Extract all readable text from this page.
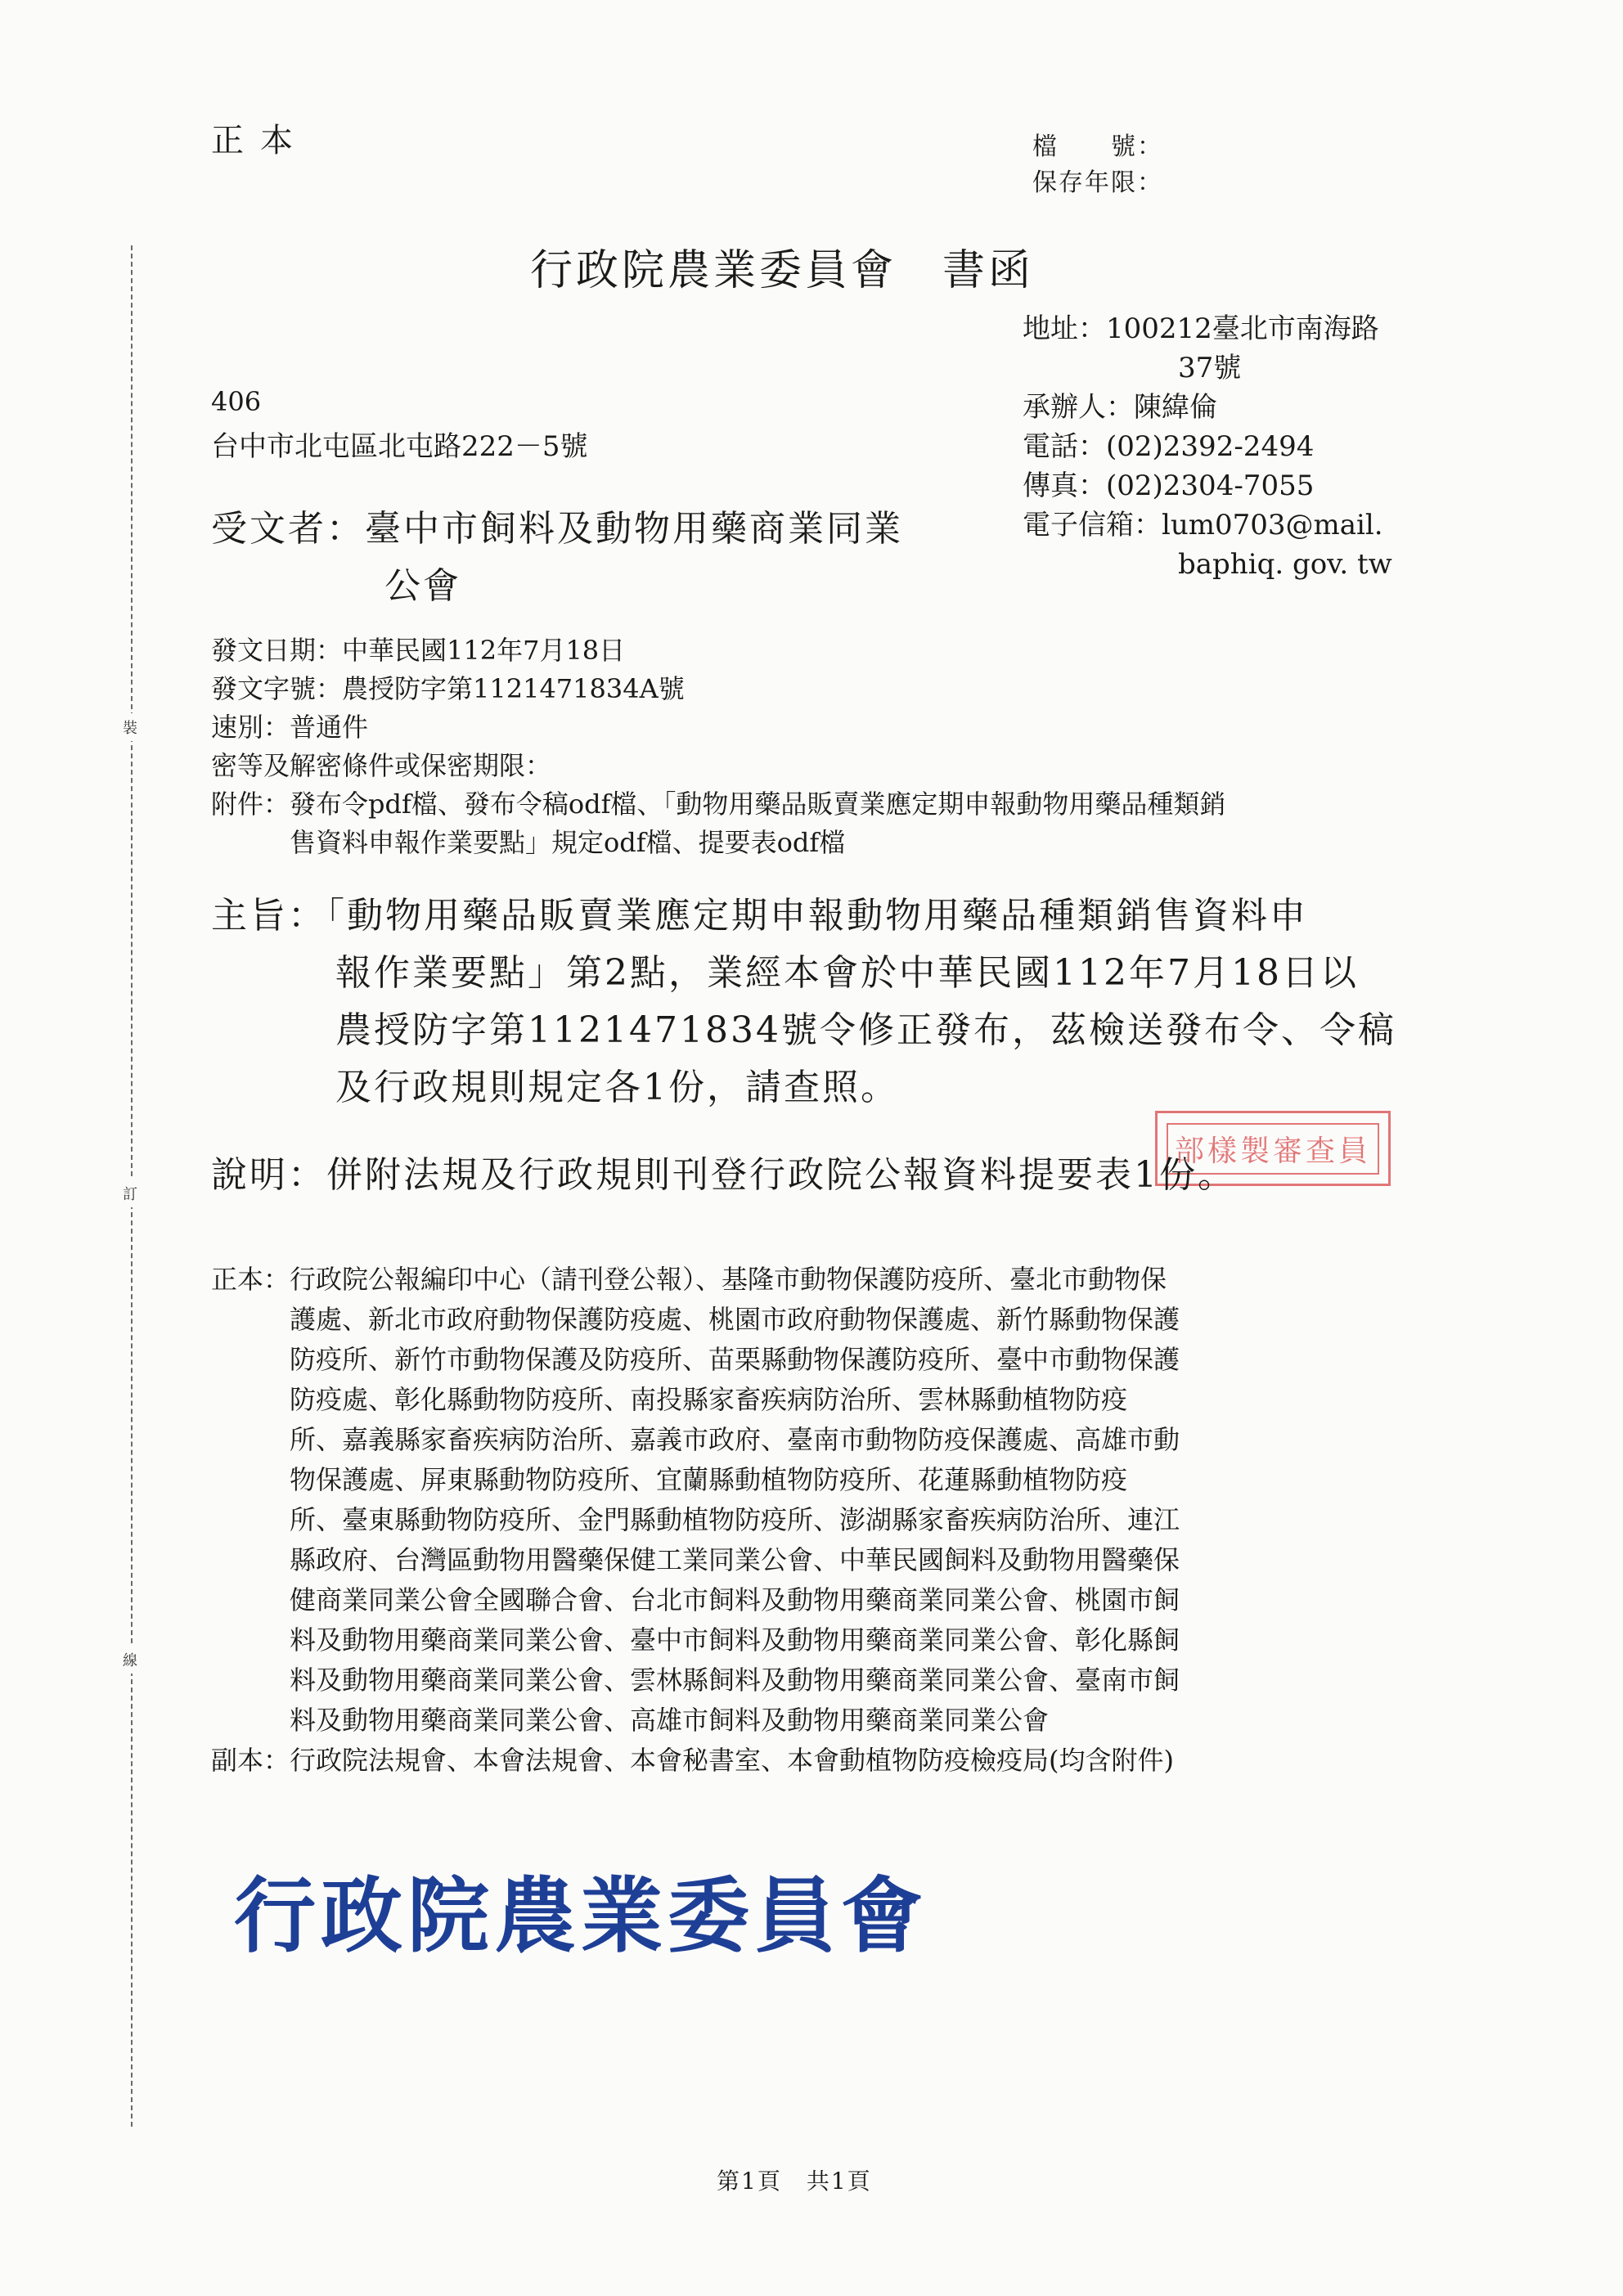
裝
訂
線
正本	檔　　號：
保存年限：
行政院農業委員會　書函
地址：100212臺北市南海路
37號
承辦人：陳緯倫
電話：(02)2392-2494
傳真：(02)2304-7055
電子信箱：lum0703@mail.
baphiq. gov. tw
406
台中市北屯區北屯路222－5號
受文者：臺中市飼料及動物用藥商業同業
公會
發文日期：中華民國112年7月18日
發文字號：農授防字第1121471834A號
速別：普通件
密等及解密條件或保密期限：
附件：發布令pdf檔、發布令稿odf檔、「動物用藥品販賣業應定期申報動物用藥品種類銷
售資料申報作業要點」規定odf檔、提要表odf檔
主旨：「動物用藥品販賣業應定期申報動物用藥品種類銷售資料申
報作業要點」第2點，業經本會於中華民國112年7月18日以
農授防字第1121471834號令修正發布，茲檢送發布令、令稿
及行政規則規定各1份，請查照。
部樣製審查員
說明：併附法規及行政規則刊登行政院公報資料提要表1份。
正本：行政院公報編印中心（請刊登公報）、基隆市動物保護防疫所、臺北市動物保
護處、新北市政府動物保護防疫處、桃園市政府動物保護處、新竹縣動物保護
防疫所、新竹市動物保護及防疫所、苗栗縣動物保護防疫所、臺中市動物保護
防疫處、彰化縣動物防疫所、南投縣家畜疾病防治所、雲林縣動植物防疫
所、嘉義縣家畜疾病防治所、嘉義市政府、臺南市動物防疫保護處、高雄市動
物保護處、屏東縣動物防疫所、宜蘭縣動植物防疫所、花蓮縣動植物防疫
所、臺東縣動物防疫所、金門縣動植物防疫所、澎湖縣家畜疾病防治所、連江
縣政府、台灣區動物用醫藥保健工業同業公會、中華民國飼料及動物用醫藥保
健商業同業公會全國聯合會、台北市飼料及動物用藥商業同業公會、桃園市飼
料及動物用藥商業同業公會、臺中市飼料及動物用藥商業同業公會、彰化縣飼
料及動物用藥商業同業公會、雲林縣飼料及動物用藥商業同業公會、臺南市飼
料及動物用藥商業同業公會、高雄市飼料及動物用藥商業同業公會
副本：行政院法規會、本會法規會、本會秘書室、本會動植物防疫檢疫局(均含附件)
行政院農業委員會
第1頁　共1頁
